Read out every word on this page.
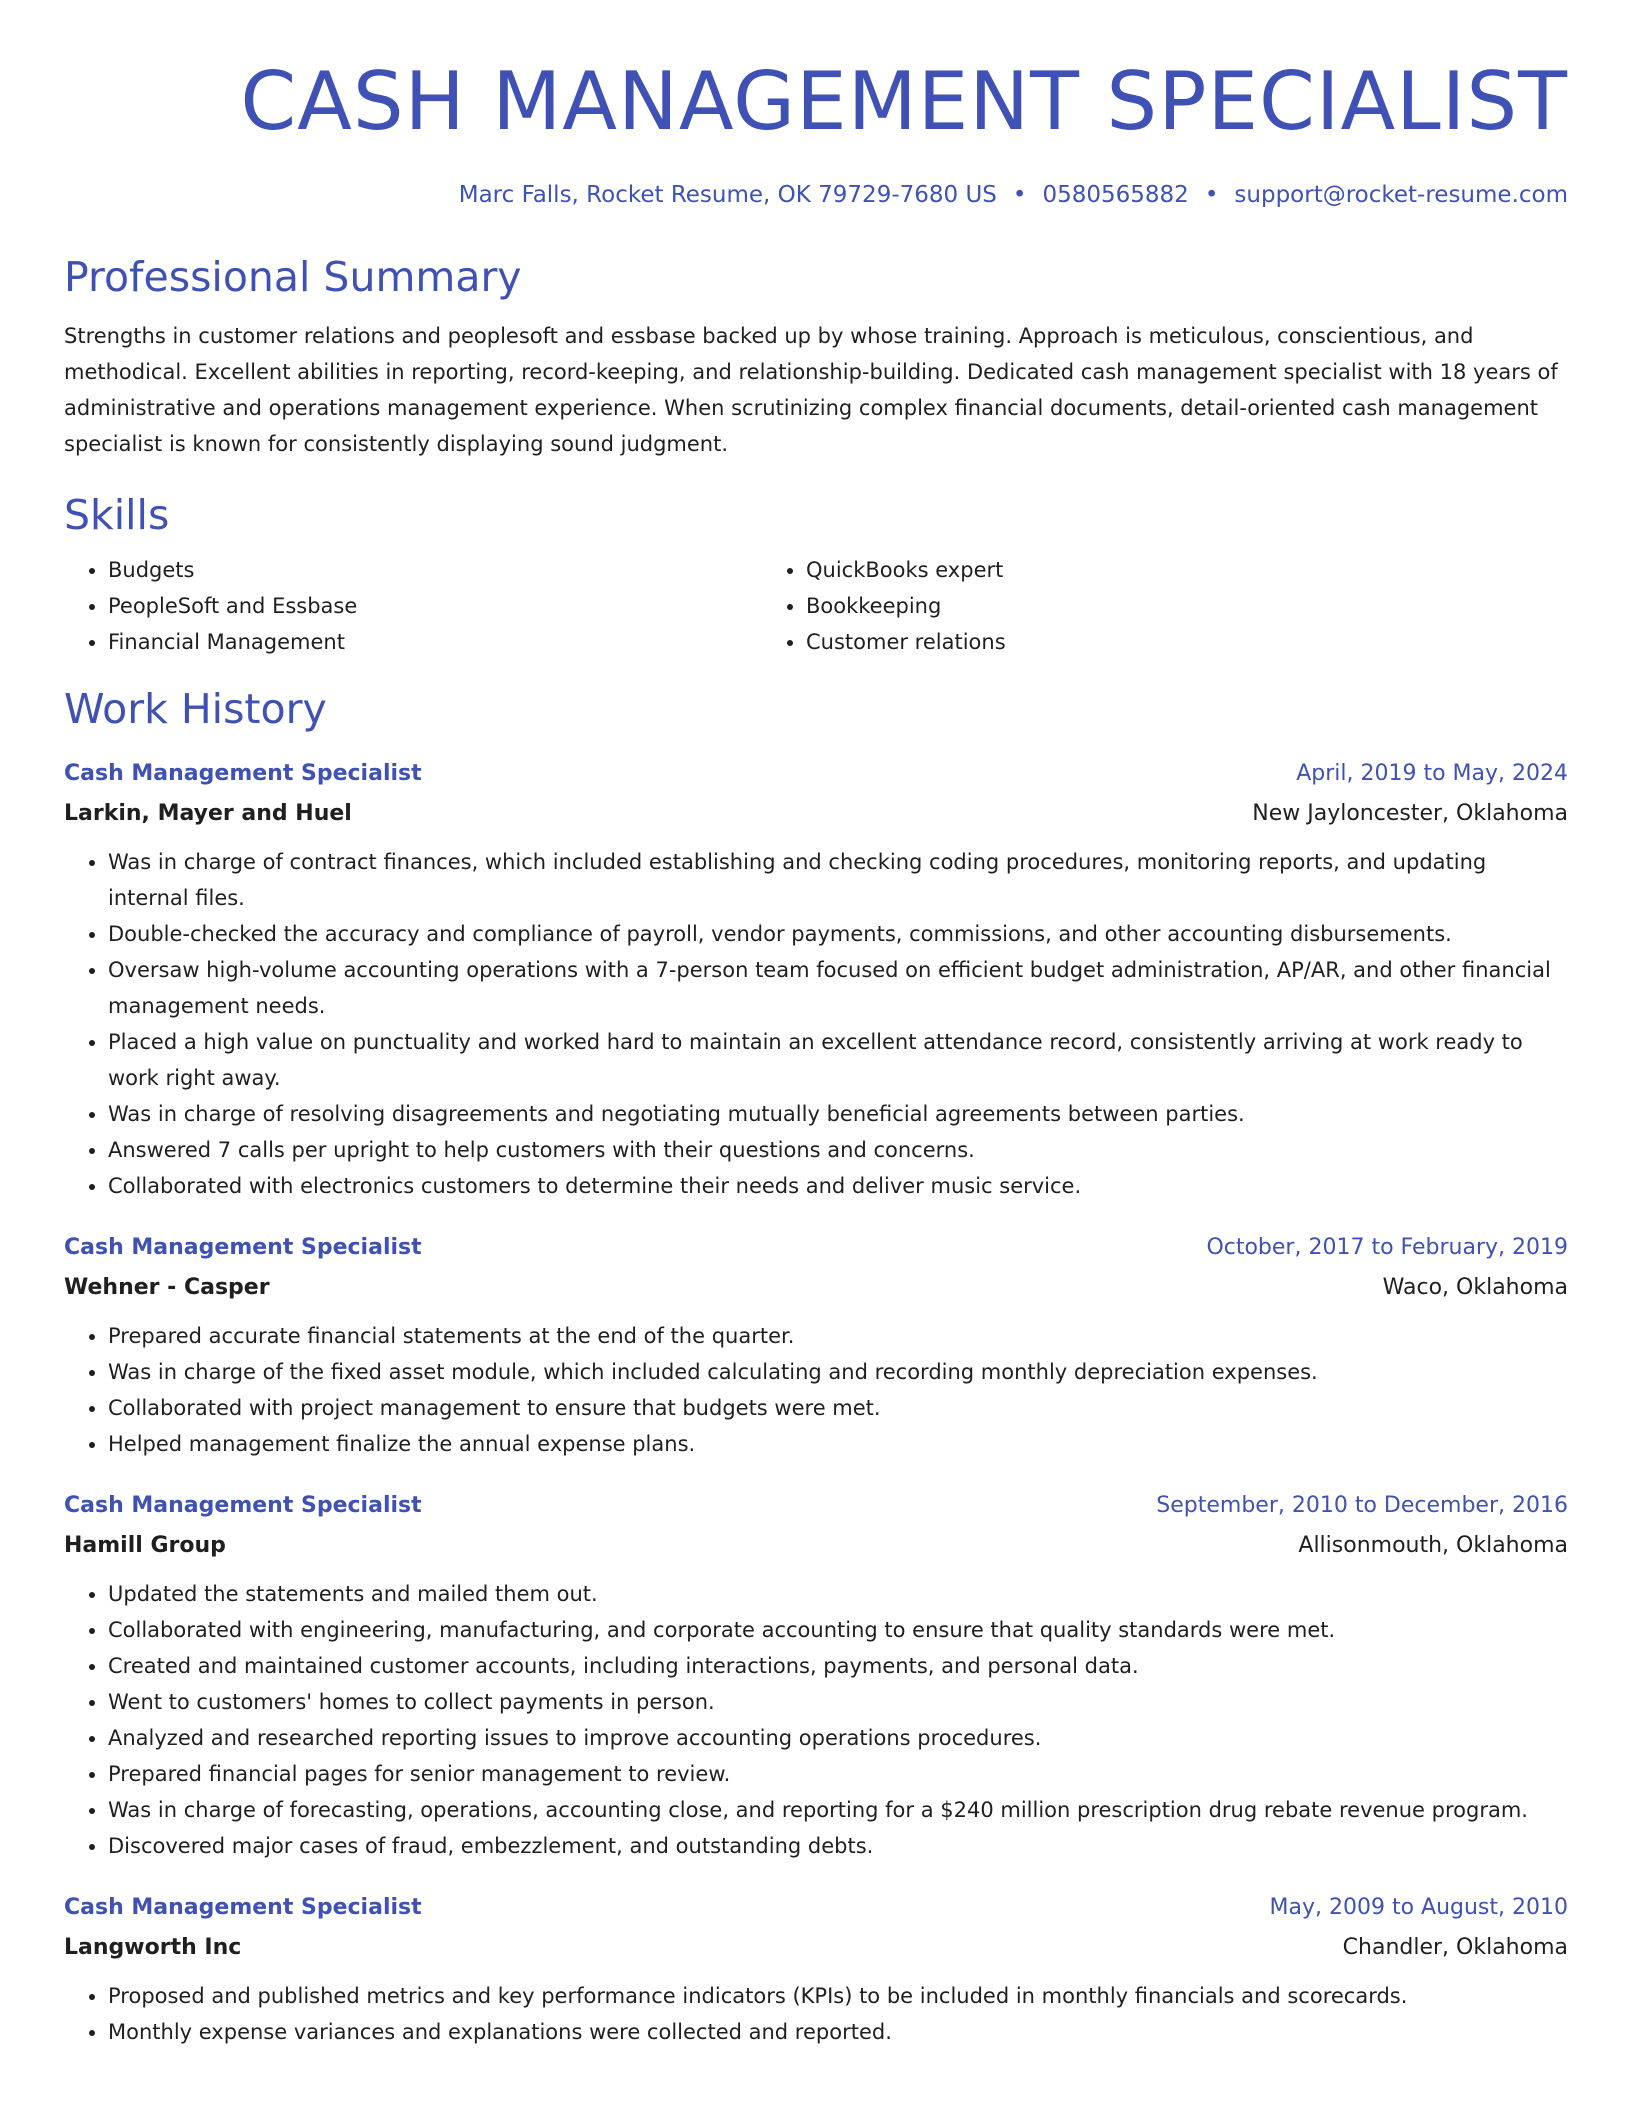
CASH MANAGEMENT SPECIALIST
Marc Falls, Rocket Resume, OK 79729-7680 US • 0580565882 • support@rocket-resume.com
Professional Summary

Strengths in customer relations and peoplesoft and essbase backed up by whose training. Approach is meticulous, conscientious, and methodical. Excellent abilities in reporting, record-keeping, and relationship-building. Dedicated cash management specialist with 18 years of administrative and operations management experience. When scrutinizing complex financial documents, detail-oriented cash management specialist is known for consistently displaying sound judgment.

Skills
• Budgets
• PeopleSoft and Essbase
• Financial Management
• QuickBooks expert
• Bookkeeping
• Customer relations
Work History
Cash Management Specialist	April, 2019 to May, 2024
Larkin, Mayer and Huel	New Jayloncester, Oklahoma
• Was in charge of contract finances, which included establishing and checking coding procedures, monitoring reports, and updating internal files.
• Double-checked the accuracy and compliance of payroll, vendor payments, commissions, and other accounting disbursements.
• Oversaw high-volume accounting operations with a 7-person team focused on efficient budget administration, AP/AR, and other financial management needs.
• Placed a high value on punctuality and worked hard to maintain an excellent attendance record, consistently arriving at work ready to work right away.
• Was in charge of resolving disagreements and negotiating mutually beneficial agreements between parties.
• Answered 7 calls per upright to help customers with their questions and concerns.
• Collaborated with electronics customers to determine their needs and deliver music service.
Cash Management Specialist	October, 2017 to February, 2019
Wehner - Casper	Waco, Oklahoma
• Prepared accurate financial statements at the end of the quarter.
• Was in charge of the fixed asset module, which included calculating and recording monthly depreciation expenses.
• Collaborated with project management to ensure that budgets were met.
• Helped management finalize the annual expense plans.
Cash Management Specialist	September, 2010 to December, 2016
Hamill Group	Allisonmouth, Oklahoma
• Updated the statements and mailed them out.
• Collaborated with engineering, manufacturing, and corporate accounting to ensure that quality standards were met.
• Created and maintained customer accounts, including interactions, payments, and personal data.
• Went to customers' homes to collect payments in person.
• Analyzed and researched reporting issues to improve accounting operations procedures.
• Prepared financial pages for senior management to review.
• Was in charge of forecasting, operations, accounting close, and reporting for a $240 million prescription drug rebate revenue program.
• Discovered major cases of fraud, embezzlement, and outstanding debts.
Cash Management Specialist	May, 2009 to August, 2010
Langworth Inc	Chandler, Oklahoma
• Proposed and published metrics and key performance indicators (KPIs) to be included in monthly financials and scorecards.
• Monthly expense variances and explanations were collected and reported.
